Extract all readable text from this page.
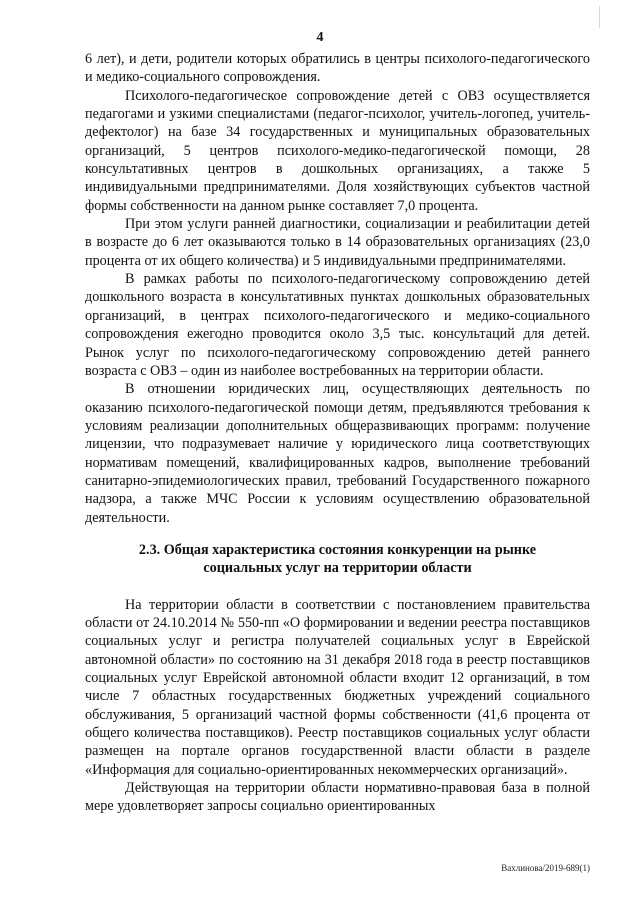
4

6 лет), и дети, родители которых обратились в центры психолого-педагогического и медико-социального сопровождения.

Психолого-педагогическое сопровождение детей с ОВЗ осуществляется педагогами и узкими специалистами (педагог-психолог, учитель-логопед, учитель-дефектолог) на базе 34 государственных и муниципальных образовательных организаций, 5 центров психолого-медико-педагогической помощи, 28 консультативных центров в дошкольных организациях, а также 5 индивидуальными предпринимателями. Доля хозяйствующих субъектов частной формы собственности на данном рынке составляет 7,0 процента.

При этом услуги ранней диагностики, социализации и реабилитации детей в возрасте до 6 лет оказываются только в 14 образовательных организациях (23,0 процента от их общего количества) и 5 индивидуальными предпринимателями.

В рамках работы по психолого-педагогическому сопровождению детей дошкольного возраста в консультативных пунктах дошкольных образовательных организаций, в центрах психолого-педагогического и медико-социального сопровождения ежегодно проводится около 3,5 тыс. консультаций для детей. Рынок услуг по психолого-педагогическому сопровождению детей раннего возраста с ОВЗ – один из наиболее востребованных на территории области.

В отношении юридических лиц, осуществляющих деятельность по оказанию психолого-педагогической помощи детям, предъявляются требования к условиям реализации дополнительных общеразвивающих программ: получение лицензии, что подразумевает наличие у юридического лица соответствующих нормативам помещений, квалифицированных кадров, выполнение требований санитарно-эпидемиологических правил, требований Государственного пожарного надзора, а также МЧС России к условиям осуществлению образовательной деятельности.

2.3. Общая характеристика состояния конкуренции на рынке
социальных услуг на территории области

На территории области в соответствии с постановлением правительства области от 24.10.2014 № 550-пп «О формировании и ведении реестра поставщиков социальных услуг и регистра получателей социальных услуг в Еврейской автономной области» по состоянию на 31 декабря 2018 года в реестр поставщиков социальных услуг Еврейской автономной области входит 12 организаций, в том числе 7 областных государственных бюджетных учреждений социального обслуживания, 5 организаций частной формы собственности (41,6 процента от общего количества поставщиков). Реестр поставщиков социальных услуг области размещен на портале органов государственной власти области в разделе «Информация для социально-ориентированных некоммерческих организаций».

Действующая на территории области нормативно-правовая база в полной мере удовлетворяет запросы социально ориентированных

Вахлинова/2019-689(1)
